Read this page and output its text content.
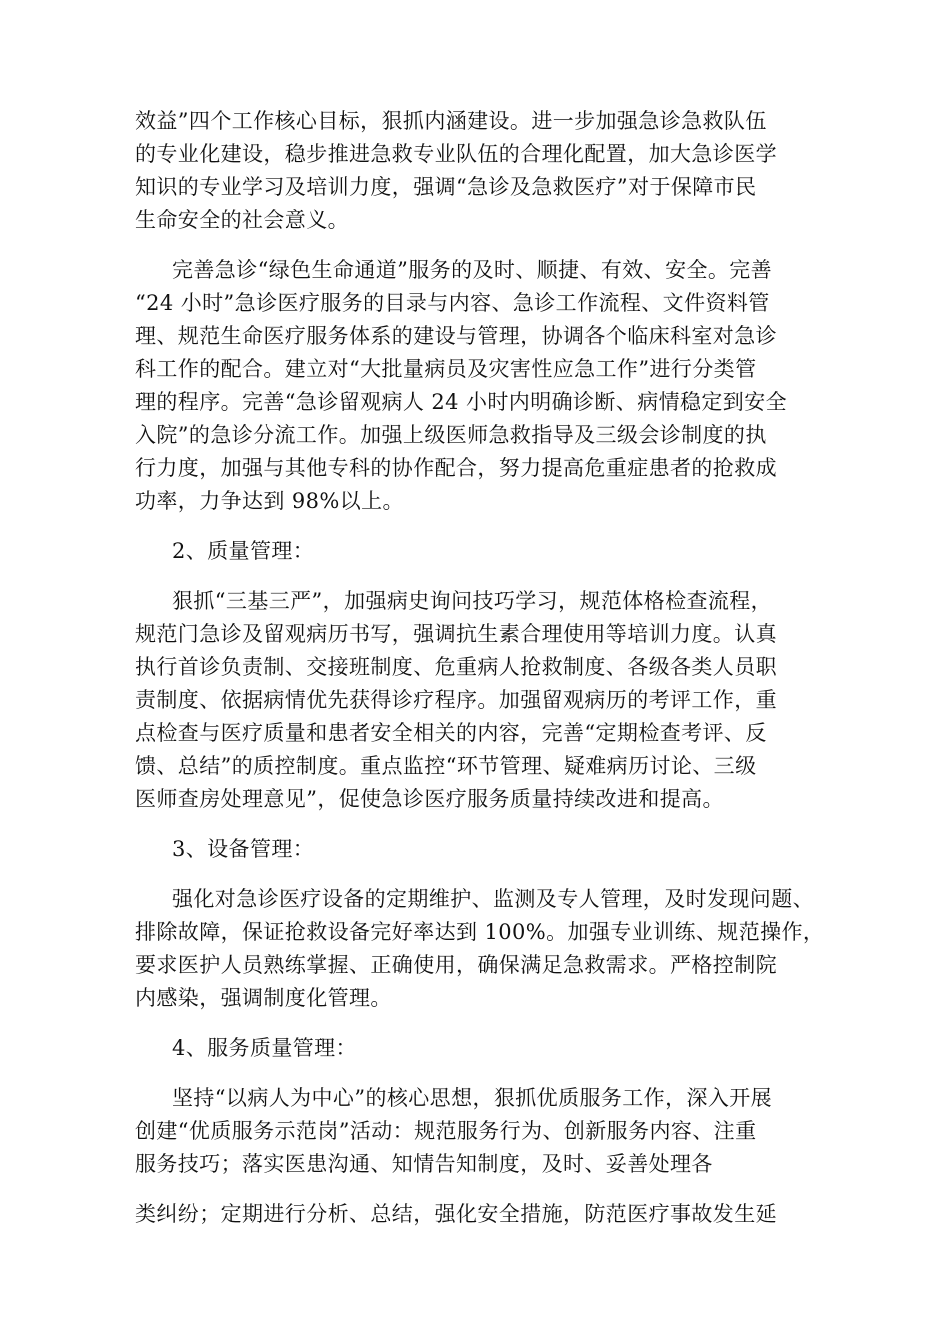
效益”四个工作核心目标，狠抓内涵建设。进一步加强急诊急救队伍
的专业化建设，稳步推进急救专业队伍的合理化配置，加大急诊医学
知识的专业学习及培训力度，强调“急诊及急救医疗”对于保障市民
生命安全的社会意义。
完善急诊“绿色生命通道”服务的及时、顺捷、有效、安全。完善
“24 小时”急诊医疗服务的目录与内容、急诊工作流程、文件资料管
理、规范生命医疗服务体系的建设与管理，协调各个临床科室对急诊
科工作的配合。建立对“大批量病员及灾害性应急工作”进行分类管
理的程序。完善“急诊留观病人 24 小时内明确诊断、病情稳定到安全
入院”的急诊分流工作。加强上级医师急救指导及三级会诊制度的执
行力度，加强与其他专科的协作配合，努力提高危重症患者的抢救成
功率，力争达到 98%以上。
2、质量管理：
狠抓“三基三严”，加强病史询问技巧学习，规范体格检查流程，
规范门急诊及留观病历书写，强调抗生素合理使用等培训力度。认真
执行首诊负责制、交接班制度、危重病人抢救制度、各级各类人员职
责制度、依据病情优先获得诊疗程序。加强留观病历的考评工作，重
点检查与医疗质量和患者安全相关的内容，完善“定期检查考评、反
馈、总结”的质控制度。重点监控“环节管理、疑难病历讨论、三级
医师查房处理意见”，促使急诊医疗服务质量持续改进和提高。
3、设备管理：
强化对急诊医疗设备的定期维护、监测及专人管理，及时发现问题、
排除故障，保证抢救设备完好率达到 100%。加强专业训练、规范操作，
要求医护人员熟练掌握、正确使用，确保满足急救需求。严格控制院
内感染，强调制度化管理。
4、服务质量管理：
坚持“以病人为中心”的核心思想，狠抓优质服务工作，深入开展
创建“优质服务示范岗”活动：规范服务行为、创新服务内容、注重
服务技巧；落实医患沟通、知情告知制度，及时、妥善处理各
类纠纷；定期进行分析、总结，强化安全措施，防范医疗事故发生延
